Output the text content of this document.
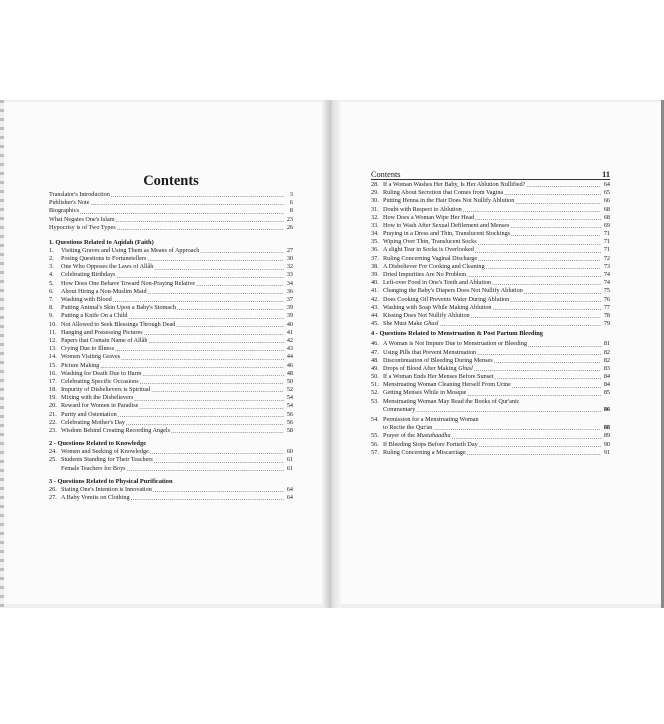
Contents
Translator's Introduction .....	3
Publisher's Note .....	6
Biographics .....	8
What Negates One's Islam .....	23
Hypocrisy is of Two Types .....	26
1. Questions Related to Aqidah (Faith)
1.	Visiting Graves and Using Them as Means of Approach .....	27
2.	Posing Questions to Fortunetellers .....	30
3.	One Who Opposes the Laws of Allâh .....	32
4.	Celebrating Birthdays .....	33
5.	How Does One Behave Toward Non-Praying Relative .....	34
6.	About Hiring a Non-Muslim Maid .....	36
7.	Washing with Blood .....	37
8.	Putting Animal's Skin Upon a Baby's Stomach .....	39
9.	Putting a Knife On a Child .....	39
10. Not Allowed to Seek Blessings Through Dead .....	40
11. Hanging and Possessing Pictures .....	41
12. Papers that Contain Name of Allâh .....	42
13. Crying Due to Illness .....	43
14. Women Visiting Graves .....	44
15. Picture Making .....	46
16. Washing for Death Due to Harm .....	48
17. Celebrating Specific Occasions .....	50
18. Impurity of Disbelievers is Spiritual .....	52
19. Mixing with the Disbelievers .....	54
20. Reward for Women in Paradise .....	54
21. Purity and Ostentation .....	56
22. Celebrating Mother's Day .....	56
23. Wisdom Behind Creating Recording Angels .....	58
2 - Questions Related to Knowledge
24. Women and Seeking of Knowledge .....	60
25. Students Standing for Their Teachers .....	61
Female Teachers for Boys .....	61
3 - Questions Related to Physical Purification
26. Stating One's Intention is Innovation .....	64
27. A Baby Vomits on Clothing .....	64
Contents	11
28. If a Woman Washes Her Baby, Is Her Ablution Nullified? .....	64
29. Ruling About Secretion that Comes from Vagina .....	65
30. Putting Henna in the Hair Does Not Nullify Ablution .....	66
31. Doubt with Respect to Ablution .....	68
32. How Does a Woman Wipe Her Head .....	68
33. How to Wash After Sexual Defilement and Menses .....	69
34. Praying in a Dress and Thin, Translucent Stockings .....	71
35. Wiping Over Thin, Translucent Socks .....	71
36. A slight Tear in Socks is Overlooked .....	71
37. Ruling Concerning Vaginal Discharge .....	72
38. A Disbeliever For Cooking and Cleaning .....	73
39. Dried Impurities Are No Problem .....	74
40. Left-over Food in One's Teeth and Ablution .....	74
41. Changing the Baby's Diapers Does Not Nullify Ablution .....	75
42. Does Cooking Oil Prevents Water During Ablution .....	76
43. Washing with Soap While Making Ablution .....	77
44. Kissing Does Not Nullify Ablution .....	78
45. She Must Make Ghusl .....	79
4 - Questions Related to Menstruation & Post Partum Bleeding
46. A Woman is Not Impure Due to Menstruation or Bleeding .....	81
47. Using Pills that Prevent Menstruation .....	82
48. Discontinuation of Bleeding During Menses .....	82
49. Drops of Blood After Making Ghusl .....	83
50. If a Woman Ends Her Menses Before Sunset .....	84
51. Menstruating Woman Cleaning Herself From Urine .....	84
52. Getting Menses While in Mosque .....	85
53. Menstruating Woman May Read the Books of Qur'anic
Commentary .....	86
54. Permission for a Menstruating Woman
to Recite the Qur'an .....	88
55. Prayer of the Mustahaadha .....	89
56. If Bleeding Stops Before Fortieth Day .....	90
57. Ruling Concerning a Miscarriage .....	91
